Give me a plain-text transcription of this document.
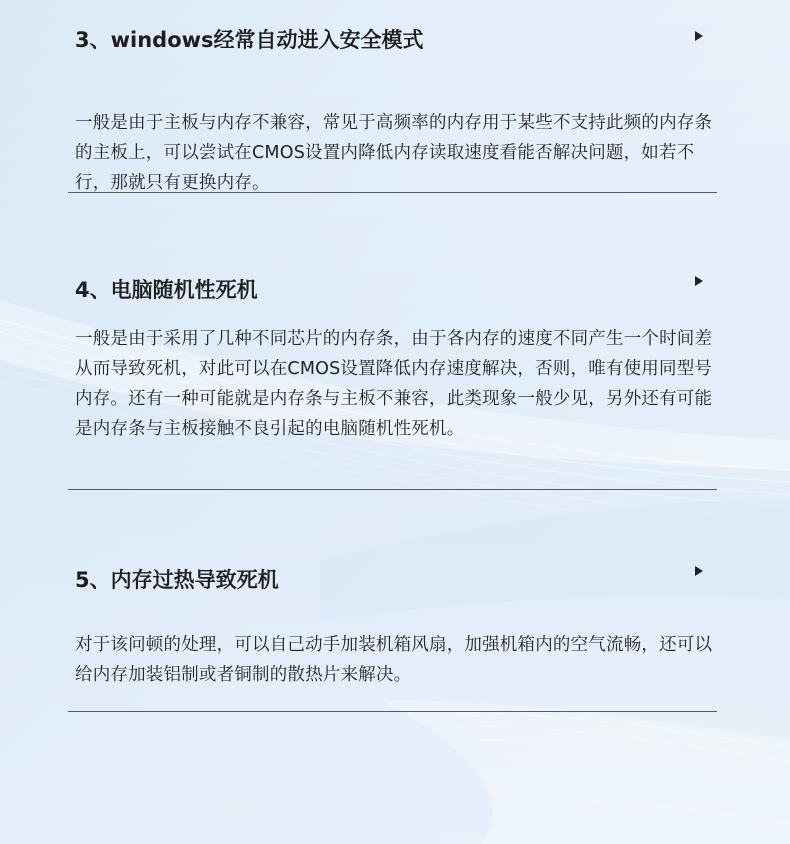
3、windows经常自动进入安全模式

一般是由于主板与内存不兼容，常见于高频率的内存用于某些不支持此频的内存条的主板上，可以尝试在CMOS设置内降低内存读取速度看能否解决问题，如若不行，那就只有更换内存。

4、电脑随机性死机

一般是由于采用了几种不同芯片的内存条，由于各内存的速度不同产生一个时间差从而导致死机，对此可以在CMOS设置降低内存速度解决，否则，唯有使用同型号内存。还有一种可能就是内存条与主板不兼容，此类现象一般少见，另外还有可能是内存条与主板接触不良引起的电脑随机性死机。

5、内存过热导致死机

对于该问顿的处理，可以自己动手加装机箱风扇，加强机箱内的空气流畅，还可以给内存加装铝制或者铜制的散热片来解决。
